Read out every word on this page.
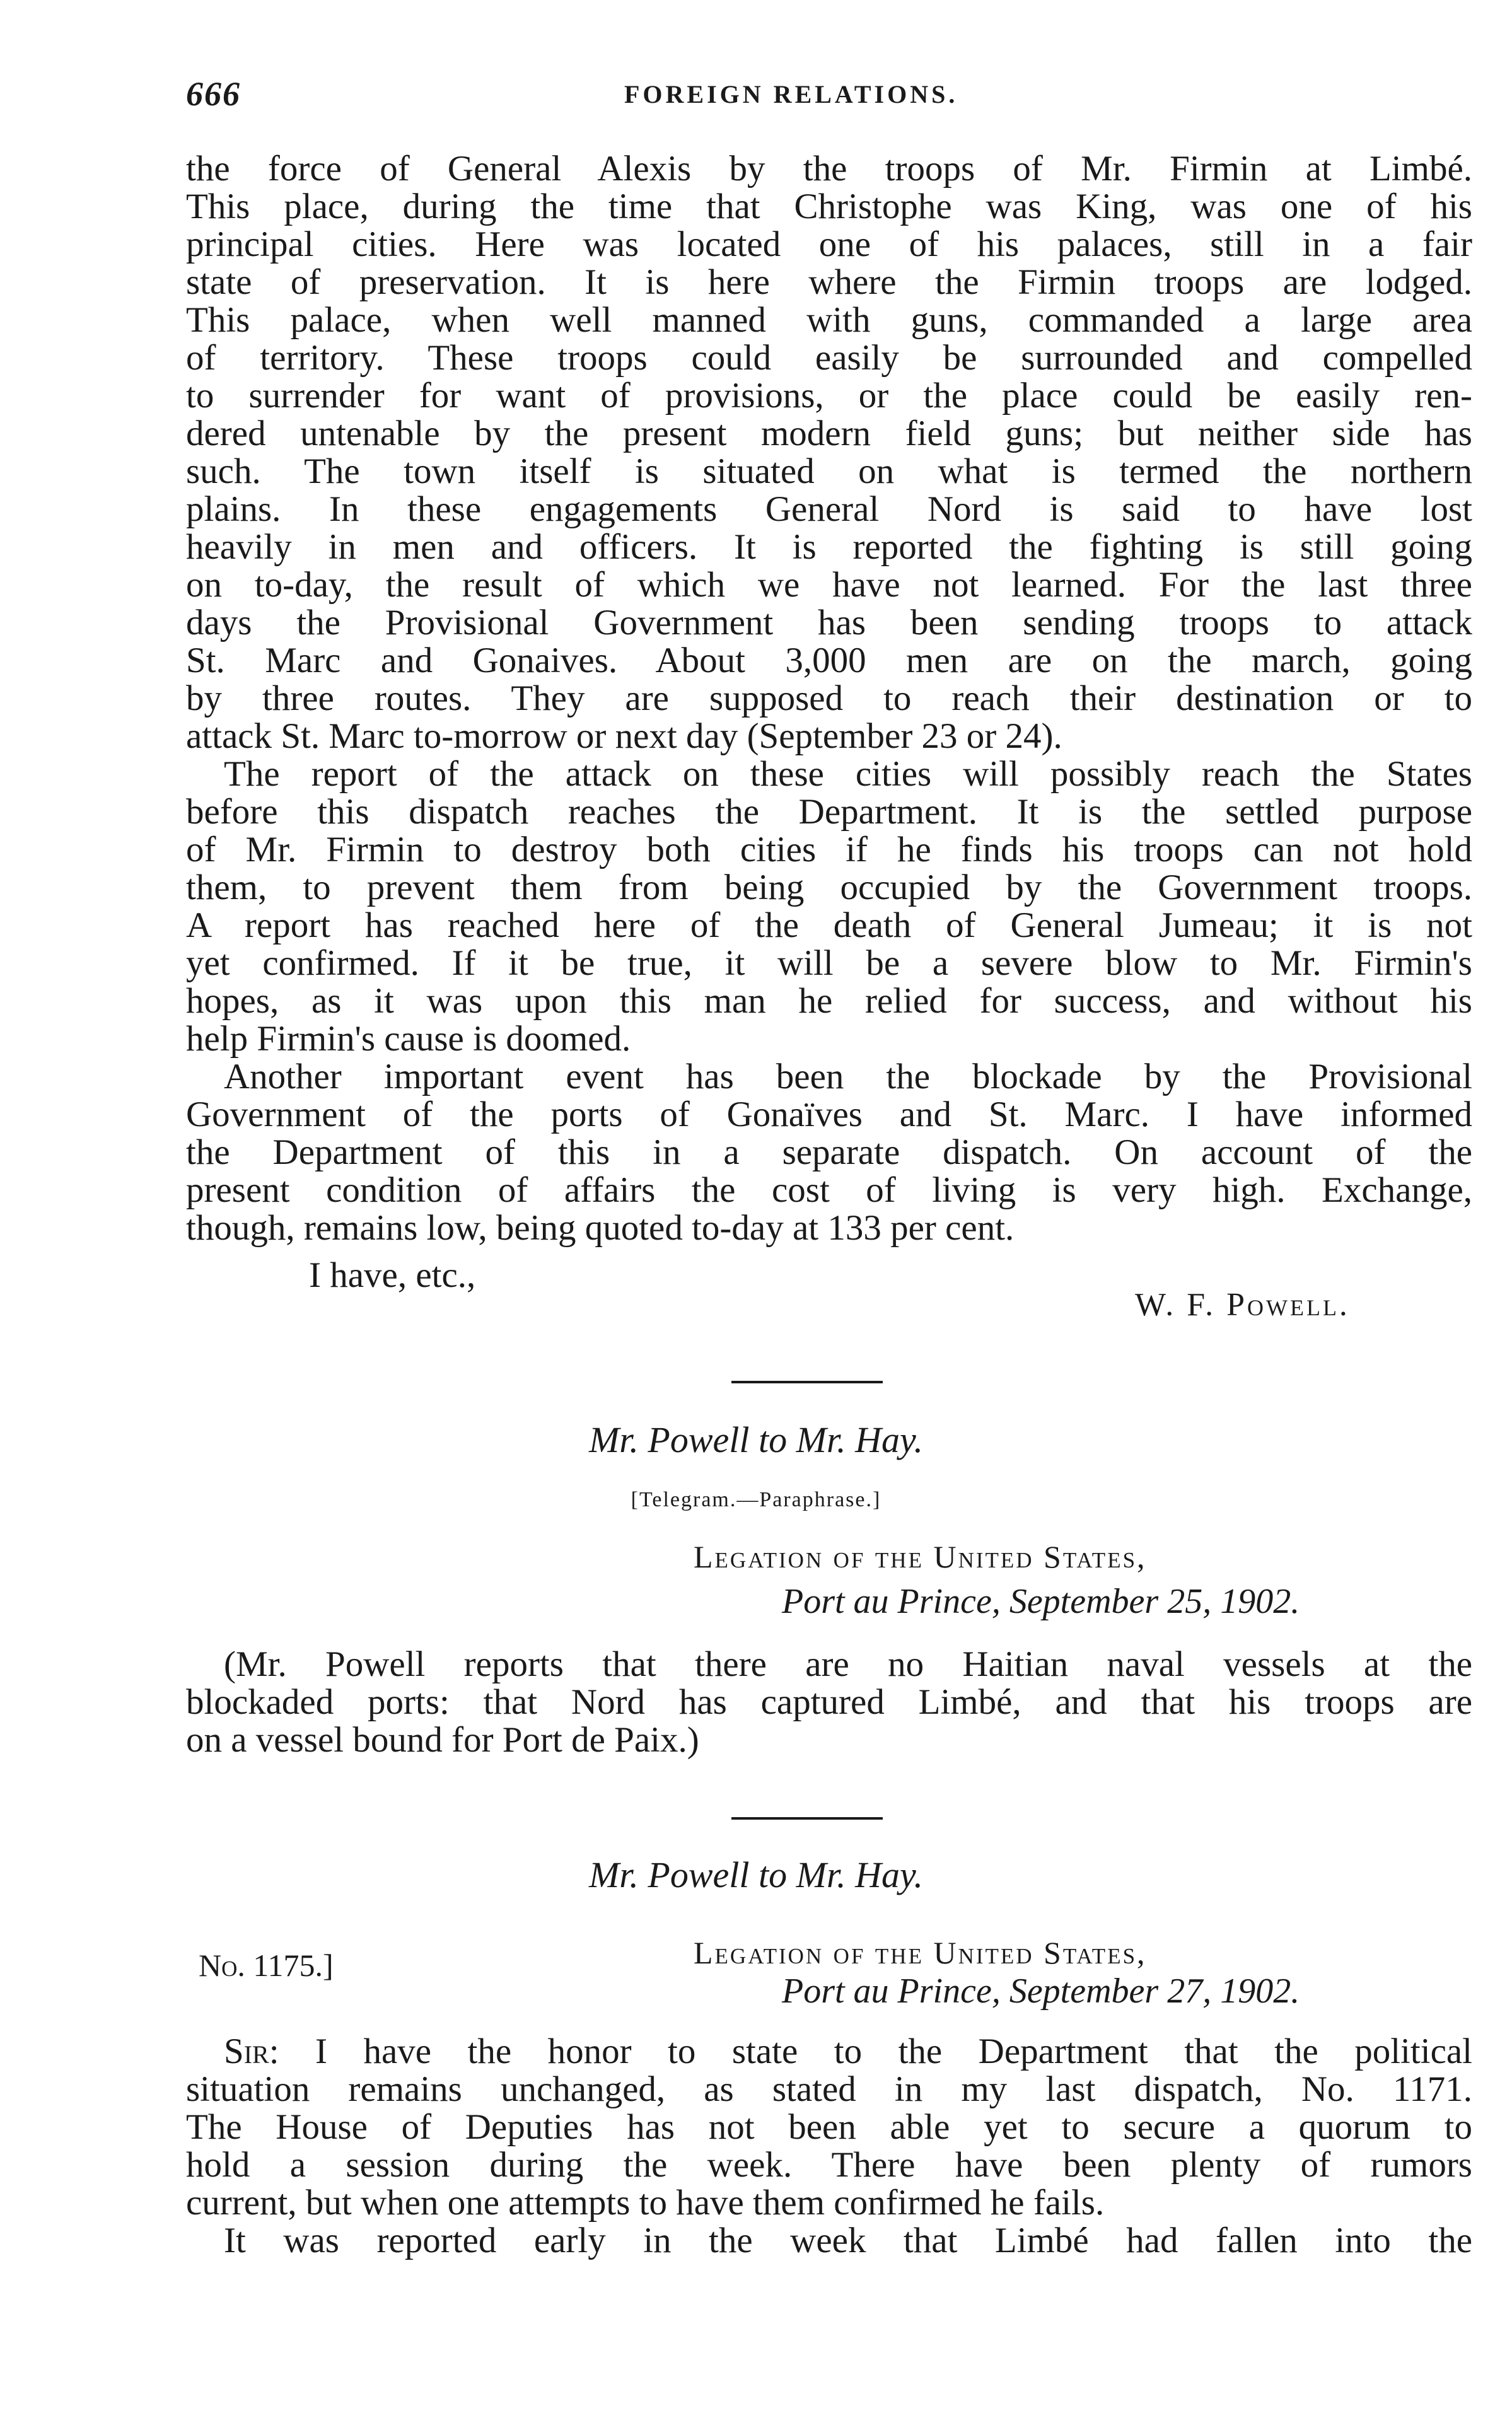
666	FOREIGN RELATIONS.
the force of General Alexis by the troops of Mr. Firmin at Limbé.
This place, during the time that Christophe was King, was one of his
principal cities. Here was located one of his palaces, still in a fair
state of preservation. It is here where the Firmin troops are lodged.
This palace, when well manned with guns, commanded a large area
of territory. These troops could easily be surrounded and compelled
to surrender for want of provisions, or the place could be easily ren-
dered untenable by the present modern field guns; but neither side has
such. The town itself is situated on what is termed the northern
plains. In these engagements General Nord is said to have lost
heavily in men and officers. It is reported the fighting is still going
on to-day, the result of which we have not learned. For the last three
days the Provisional Government has been sending troops to attack
St. Marc and Gonaives. About 3,000 men are on the march, going
by three routes. They are supposed to reach their destination or to
attack St. Marc to-morrow or next day (September 23 or 24).
The report of the attack on these cities will possibly reach the States
before this dispatch reaches the Department. It is the settled purpose
of Mr. Firmin to destroy both cities if he finds his troops can not hold
them, to prevent them from being occupied by the Government troops.
A report has reached here of the death of General Jumeau; it is not
yet confirmed. If it be true, it will be a severe blow to Mr. Firmin's
hopes, as it was upon this man he relied for success, and without his
help Firmin's cause is doomed.
Another important event has been the blockade by the Provisional
Government of the ports of Gonaïves and St. Marc. I have informed
the Department of this in a separate dispatch. On account of the
present condition of affairs the cost of living is very high. Exchange,
though, remains low, being quoted to-day at 133 per cent.
I have, etc.,
W. F. Powell.
Mr. Powell to Mr. Hay.
[Telegram.—Paraphrase.]
Legation of the United States,
Port au Prince, September 25, 1902.
(Mr. Powell reports that there are no Haitian naval vessels at the
blockaded ports: that Nord has captured Limbé, and that his troops are
on a vessel bound for Port de Paix.)
Mr. Powell to Mr. Hay.
No. 1175.]	Legation of the United States,
Port au Prince, September 27, 1902.
Sir: I have the honor to state to the Department that the political
situation remains unchanged, as stated in my last dispatch, No. 1171.
The House of Deputies has not been able yet to secure a quorum to
hold a session during the week. There have been plenty of rumors
current, but when one attempts to have them confirmed he fails.
It was reported early in the week that Limbé had fallen into the
